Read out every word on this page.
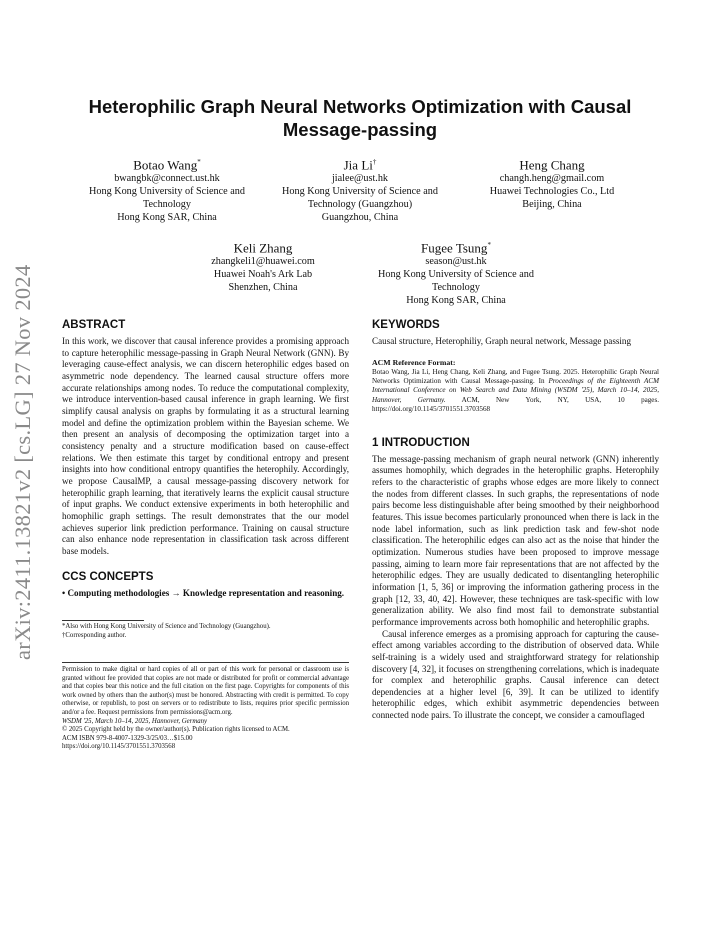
arXiv:2411.13821v2 [cs.LG] 27 Nov 2024
Heterophilic Graph Neural Networks Optimization with Causal Message-passing
Botao Wang*
bwangbk@connect.ust.hk
Hong Kong University of Science and
Technology
Hong Kong SAR, China
Jia Li†
jialee@ust.hk
Hong Kong University of Science and
Technology (Guangzhou)
Guangzhou, China
Heng Chang
changh.heng@gmail.com
Huawei Technologies Co., Ltd
Beijing, China
Keli Zhang
zhangkeli1@huawei.com
Huawei Noah's Ark Lab
Shenzhen, China
Fugee Tsung*
season@ust.hk
Hong Kong University of Science and
Technology
Hong Kong SAR, China
ABSTRACT

In this work, we discover that causal inference provides a promising approach to capture heterophilic message-passing in Graph Neural Network (GNN). By leveraging cause-effect analysis, we can discern heterophilic edges based on asymmetric node dependency. The learned causal structure offers more accurate relationships among nodes. To reduce the computational complexity, we introduce intervention-based causal inference in graph learning. We first simplify causal analysis on graphs by formulating it as a structural learning model and define the optimization problem within the Bayesian scheme. We then present an analysis of decomposing the optimization target into a consistency penalty and a structure modification based on cause-effect relations. We then estimate this target by conditional entropy and present insights into how conditional entropy quantifies the heterophily. Accordingly, we propose CausalMP, a causal message-passing discovery network for heterophilic graph learning, that iteratively learns the explicit causal structure of input graphs. We conduct extensive experiments in both heterophilic and homophilic graph settings. The result demonstrates that the our model achieves superior link prediction performance. Training on causal structure can also enhance node representation in classification task across different base models.

CCS CONCEPTS
• Computing methodologies → Knowledge representation and reasoning.
*Also with Hong Kong University of Science and Technology (Guangzhou).
†Corresponding author.

Permission to make digital or hard copies of all or part of this work for personal or classroom use is granted without fee provided that copies are not made or distributed for profit or commercial advantage and that copies bear this notice and the full citation on the first page. Copyrights for components of this work owned by others than the author(s) must be honored. Abstracting with credit is permitted. To copy otherwise, or republish, to post on servers or to redistribute to lists, requires prior specific permission and/or a fee. Request permissions from permissions@acm.org.

WSDM '25, March 10–14, 2025, Hannover, Germany
© 2025 Copyright held by the owner/author(s). Publication rights licensed to ACM.
ACM ISBN 979-8-4007-1329-3/25/03…$15.00
https://doi.org/10.1145/3701551.3703568
KEYWORDS

Causal structure, Heterophiliy, Graph neural network, Message passing

ACM Reference Format:

Botao Wang, Jia Li, Heng Chang, Keli Zhang, and Fugee Tsung. 2025. Heterophilic Graph Neural Networks Optimization with Causal Message-passing. In Proceedings of the Eighteenth ACM International Conference on Web Search and Data Mining (WSDM '25), March 10–14, 2025, Hannover, Germany. ACM, New York, NY, USA, 10 pages. https://doi.org/10.1145/3701551.3703568

1 INTRODUCTION

The message-passing mechanism of graph neural network (GNN) inherently assumes homophily, which degrades in the heterophilic graphs. Heterophily refers to the characteristic of graphs whose edges are more likely to connect the nodes from different classes. In such graphs, the representations of node pairs become less distinguishable after being smoothed by their neighborhood features. This issue becomes particularly pronounced when there is lack in the node label information, such as link prediction task and few-shot node classification. The heterophilic edges can also act as the noise that hinder the optimization. Numerous studies have been proposed to improve message passing, aiming to learn more fair representations that are not affected by the heterophilic edges. They are usually dedicated to disentangling heterophilic information [1, 5, 36] or improving the information gathering process in the graph [12, 33, 40, 42]. However, these techniques are task-specific with low generalization ability. We also find most fail to demonstrate substantial performance improvements across both homophilic and heterophilic graphs.

Causal inference emerges as a promising approach for capturing the cause-effect among variables according to the distribution of observed data. While self-training is a widely used and straightforward strategy for relationship discovery [4, 32], it focuses on strengthening correlations, which is inadequate for complex and heterophilic graphs. Causal inference can detect dependencies at a higher level [6, 39]. It can be utilized to identify heterophilic edges, which exhibit asymmetric dependencies between connected node pairs. To illustrate the concept, we consider a camouflaged
